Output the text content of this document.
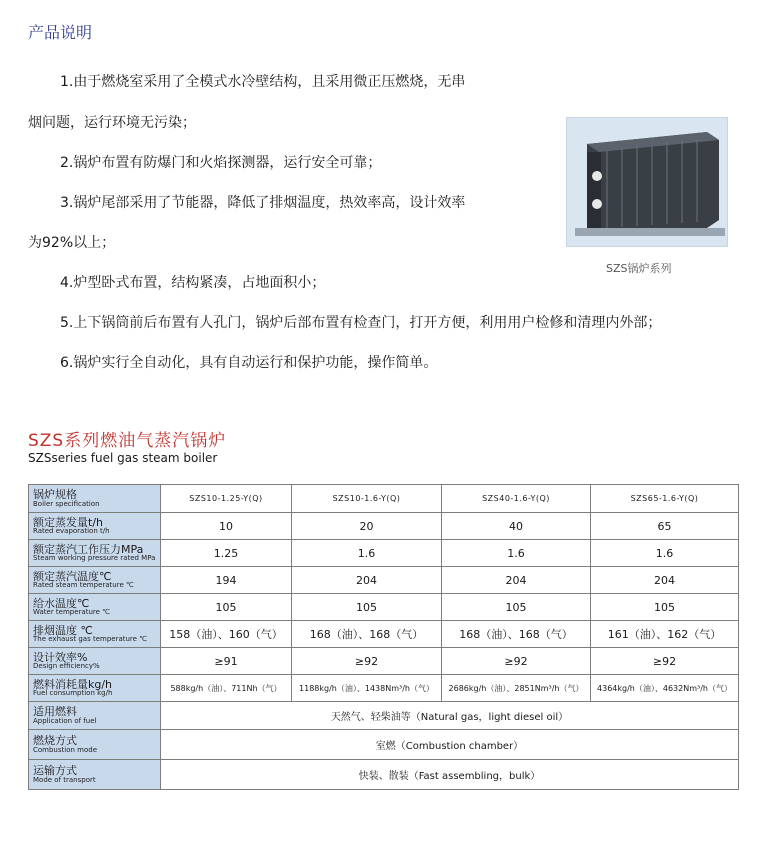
产品说明
1.由于燃烧室采用了全模式水冷壁结构，且采用微正压燃烧，无串
烟问题，运行环境无污染；
2.锅炉布置有防爆门和火焰探测器，运行安全可靠；
3.锅炉尾部采用了节能器，降低了排烟温度，热效率高，设计效率
为92%以上；
4.炉型卧式布置，结构紧凑，占地面积小；
5.上下锅筒前后布置有人孔门，锅炉后部布置有检查门，打开方便，利用用户检修和清理内外部；
6.锅炉实行全自动化，具有自动运行和保护功能，操作简单。
SZS锅炉系列
SZS系列燃油气蒸汽锅炉
SZSseries fuel gas steam boiler
锅炉规格
Boiler specification	SZS10-1.25-Y(Q)	SZS10-1.6-Y(Q)	SZS40-1.6-Y(Q)	SZS65-1.6-Y(Q)

额定蒸发量t/h
Rated evaporation t/h	10	20	40	65

额定蒸汽工作压力MPa
Steam working pressure rated MPa	1.25	1.6	1.6	1.6

额定蒸汽温度℃
Rated steam temperature ℃	194	204	204	204

给水温度℃
Water temperature ℃	105	105	105	105

排烟温度 ℃
The exhaust gas temperature ℃	158（油）、160（气）	168（油）、168（气）	168（油）、168（气）	161（油）、162（气）

设计效率%
Design efficiency%	≥91	≥92	≥92	≥92

燃料消耗量kg/h
Fuel consumption kg/h	588kg/h（油）、711Nh（气）	1188kg/h（油）、1438Nm³/h（气）	2686kg/h（油）、2851Nm³/h（气）	4364kg/h（油）、4632Nm³/h（气）

适用燃料
Application of fuel	天然气、轻柴油等（Natural gas，light diesel oil）			

燃烧方式
Combustion mode	室燃（Combustion chamber）			

运输方式
Mode of transport	快装、散装（Fast assembling，bulk）			
